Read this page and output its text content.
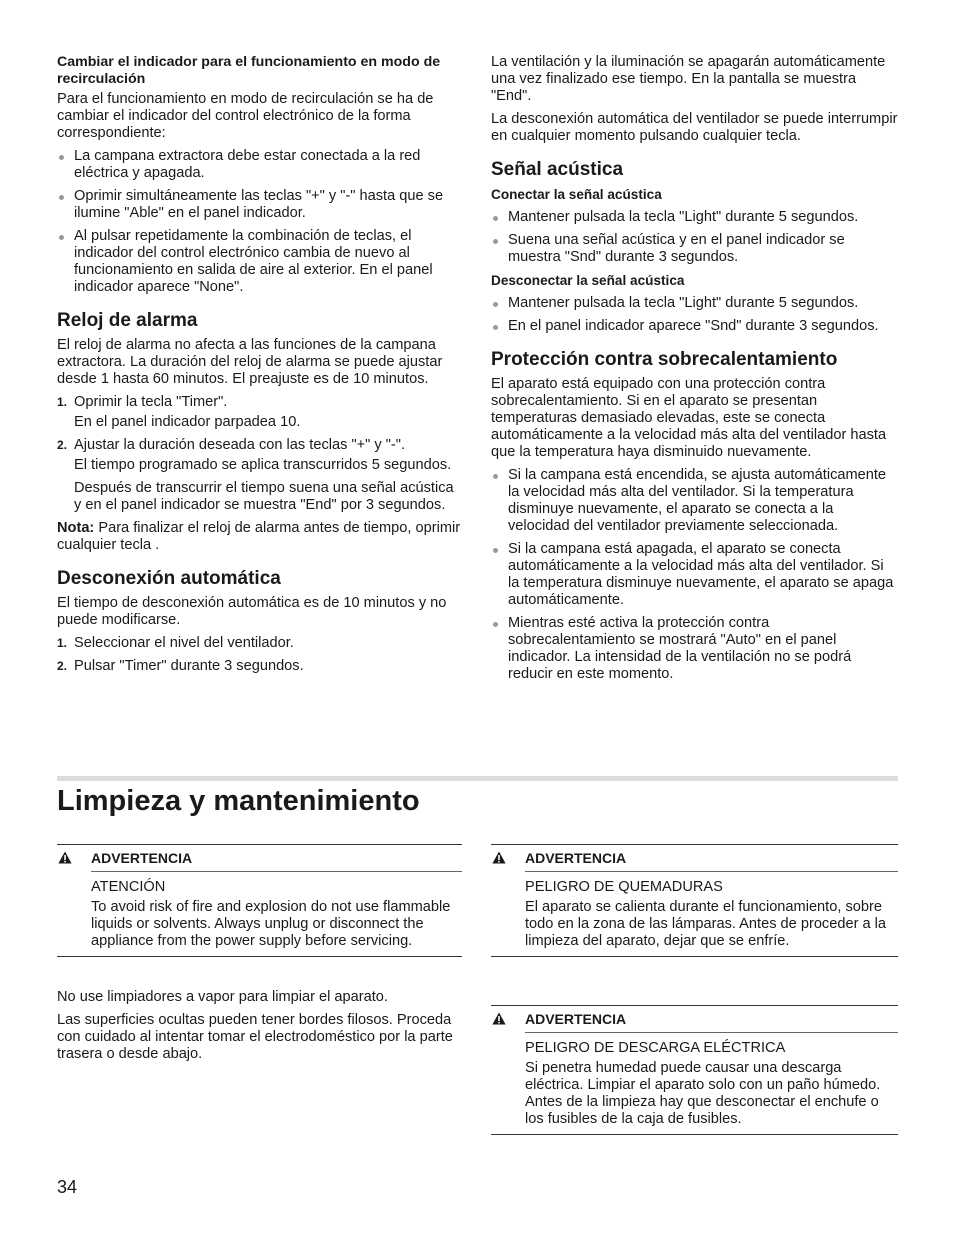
Cambiar el indicador para el funcionamiento en modo de recirculación

Para el funcionamiento en modo de recirculación se ha de cambiar el indicador del control electrónico de la forma correspondiente:

La campana extractora debe estar conectada a la red eléctrica y apagada.
Oprimir simultáneamente las teclas "+" y "-" hasta que se ilumine "Able" en el panel indicador.
Al pulsar repetidamente la combinación de teclas, el indicador del control electrónico cambia de nuevo al funcionamiento en salida de aire al exterior. En el panel indicador aparece "None".
Reloj de alarma

El reloj de alarma no afecta a las funciones de la campana extractora. La duración del reloj de alarma se puede ajustar desde 1 hasta 60 minutos. El preajuste es de 10 minutos.

1. Oprimir la tecla "Timer".
En el panel indicador parpadea 10.
2. Ajustar la duración deseada con las teclas "+" y "-".
El tiempo programado se aplica transcurridos 5 segundos.
Después de transcurrir el tiempo suena una señal acústica y en el panel indicador se muestra "End" por 3 segundos.

Nota: Para finalizar el reloj de alarma antes de tiempo, oprimir cualquier tecla .

Desconexión automática

El tiempo de desconexión automática es de 10 minutos y no puede modificarse.

1. Seleccionar el nivel del ventilador.
2. Pulsar "Timer" durante 3 segundos.

La ventilación y la iluminación se apagarán automáticamente una vez finalizado ese tiempo. En la pantalla se muestra "End".

La desconexión automática del ventilador se puede interrumpir en cualquier momento pulsando cualquier tecla.

Señal acústica
Conectar la señal acústica
Mantener pulsada la tecla "Light" durante 5 segundos.
Suena una señal acústica y en el panel indicador se muestra "Snd" durante 3 segundos.
Desconectar la señal acústica
Mantener pulsada la tecla "Light" durante 5 segundos.
En el panel indicador aparece "Snd" durante 3 segundos.
Protección contra sobrecalentamiento

El aparato está equipado con una protección contra sobrecalentamiento. Si en el aparato se presentan temperaturas demasiado elevadas, este se conecta automáticamente a la velocidad más alta del ventilador hasta que la temperatura haya disminuido nuevamente.

Si la campana está encendida, se ajusta automáticamente la velocidad más alta del ventilador. Si la temperatura disminuye nuevamente, el aparato se conecta a la velocidad del ventilador previamente seleccionada.
Si la campana está apagada, el aparato se conecta automáticamente a la velocidad más alta del ventilador. Si la temperatura disminuye nuevamente, el aparato se apaga automáticamente.
Mientras esté activa la protección contra sobrecalentamiento se mostrará "Auto" en el panel indicador. La intensidad de la ventilación no se podrá reducir en este momento.
Limpieza y mantenimiento
ADVERTENCIA
ATENCIÓN
To avoid risk of fire and explosion do not use flammable liquids or solvents. Always unplug or disconnect the appliance from the power supply before servicing.
ADVERTENCIA
PELIGRO DE QUEMADURAS
El aparato se calienta durante el funcionamiento, sobre todo en la zona de las lámparas. Antes de proceder a la limpieza del aparato, dejar que se enfríe.
ADVERTENCIA
PELIGRO DE DESCARGA ELÉCTRICA
Si penetra humedad puede causar una descarga eléctrica. Limpiar el aparato solo con un paño húmedo. Antes de la limpieza hay que desconectar el enchufe o los fusibles de la caja de fusibles.

No use limpiadores a vapor para limpiar el aparato.

Las superficies ocultas pueden tener bordes filosos. Proceda con cuidado al intentar tomar el electrodoméstico por la parte trasera o desde abajo.

34
